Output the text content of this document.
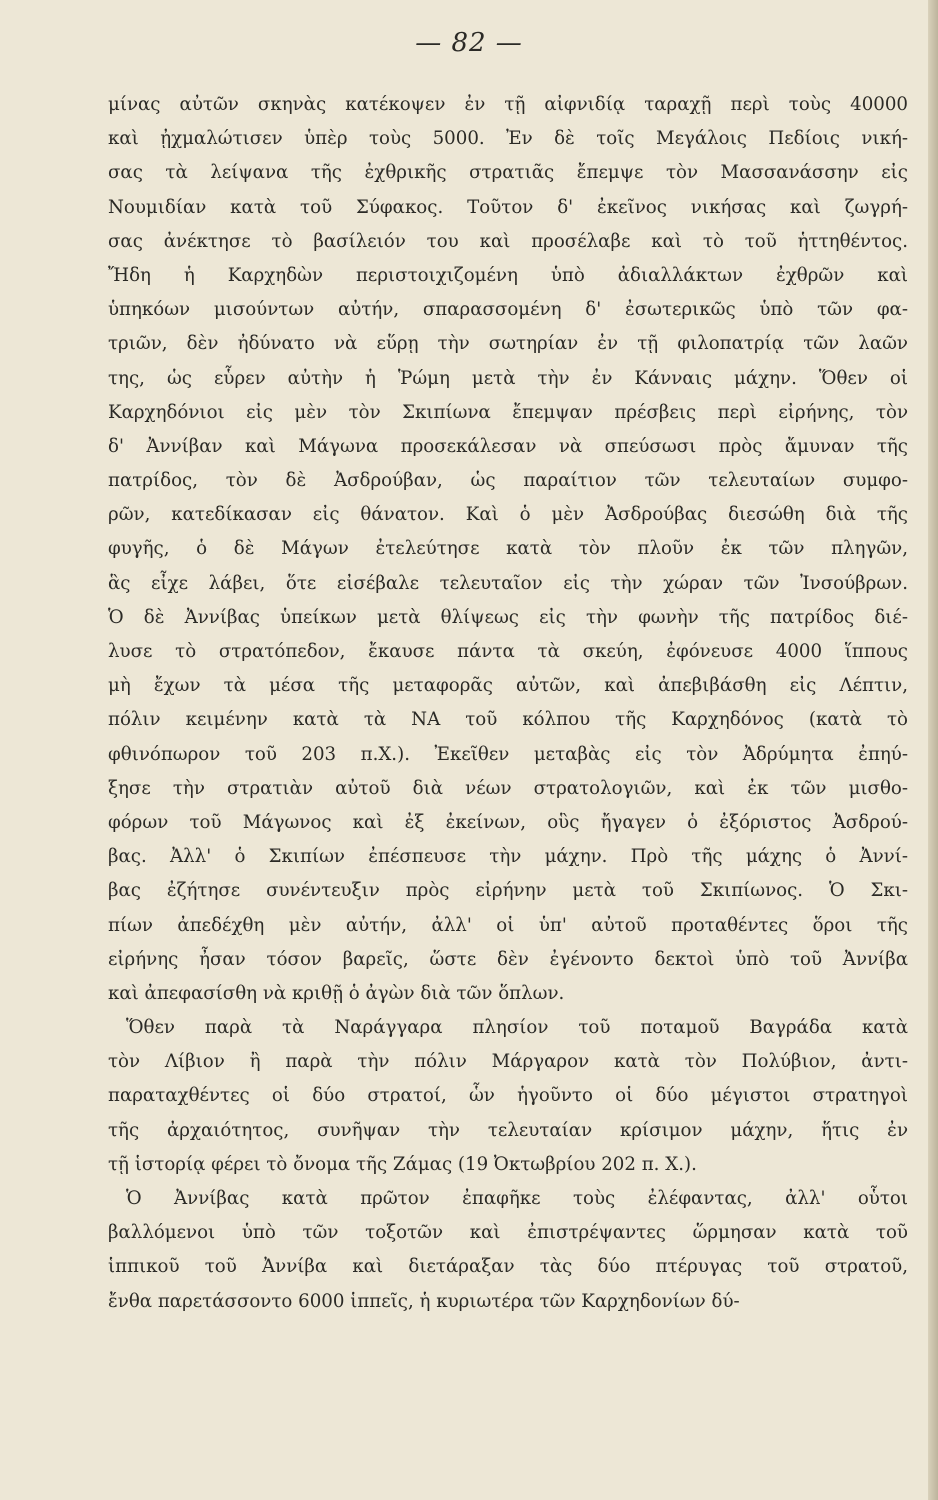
— 82 —
μίνας αὐτῶν σκηνὰς κατέκοψεν ἐν τῇ αἰφνιδίᾳ ταραχῇ περὶ τοὺς 40000
καὶ ᾐχμαλώτισεν ὑπὲρ τοὺς 5000. Ἐν δὲ τοῖς Μεγάλοις Πεδίοις νική-
σας τὰ λείψανα τῆς ἐχθρικῆς στρατιᾶς ἔπεμψε τὸν Μασσανάσσην εἰς
Νουμιδίαν κατὰ τοῦ Σύφακος. Τοῦτον δ' ἐκεῖνος νικήσας καὶ ζωγρή-
σας ἀνέκτησε τὸ βασίλειόν του καὶ προσέλαβε καὶ τὸ τοῦ ἡττηθέντος.
Ἤδη ἡ Καρχηδὼν περιστοιχιζομένη ὑπὸ ἀδιαλλάκτων ἐχθρῶν καὶ
ὑπηκόων μισούντων αὐτήν, σπαρασσομένη δ' ἐσωτερικῶς ὑπὸ τῶν φα-
τριῶν, δὲν ἠδύνατο νὰ εὕρῃ τὴν σωτηρίαν ἐν τῇ φιλοπατρίᾳ τῶν λαῶν
της, ὡς εὗρεν αὐτὴν ἡ Ῥώμη μετὰ τὴν ἐν Κάνναις μάχην. Ὅθεν οἱ
Καρχηδόνιοι εἰς μὲν τὸν Σκιπίωνα ἔπεμψαν πρέσβεις περὶ εἰρήνης, τὸν
δ' Ἀννίβαν καὶ Μάγωνα προσεκάλεσαν νὰ σπεύσωσι πρὸς ἄμυναν τῆς
πατρίδος, τὸν δὲ Ἀσδρούβαν, ὡς παραίτιον τῶν τελευταίων συμφο-
ρῶν, κατεδίκασαν εἰς θάνατον. Καὶ ὁ μὲν Ἀσδρούβας διεσώθη διὰ τῆς
φυγῆς, ὁ δὲ Μάγων ἐτελεύτησε κατὰ τὸν πλοῦν ἐκ τῶν πληγῶν,
ἃς εἶχε λάβει, ὅτε εἰσέβαλε τελευταῖον εἰς τὴν χώραν τῶν Ἰνσούβρων.
Ὁ δὲ Ἀννίβας ὑπείκων μετὰ θλίψεως εἰς τὴν φωνὴν τῆς πατρίδος διέ-
λυσε τὸ στρατόπεδον, ἔκαυσε πάντα τὰ σκεύη, ἐφόνευσε 4000 ἵππους
μὴ ἔχων τὰ μέσα τῆς μεταφορᾶς αὐτῶν, καὶ ἀπεβιβάσθη εἰς Λέπτιν,
πόλιν κειμένην κατὰ τὰ ΝΑ τοῦ κόλπου τῆς Καρχηδόνος (κατὰ τὸ
φθινόπωρον τοῦ 203 π.Χ.). Ἐκεῖθεν μεταβὰς εἰς τὸν Ἀδρύμητα ἐπηύ-
ξησε τὴν στρατιὰν αὐτοῦ διὰ νέων στρατολογιῶν, καὶ ἐκ τῶν μισθο-
φόρων τοῦ Μάγωνος καὶ ἐξ ἐκείνων, οὓς ἤγαγεν ὁ ἐξόριστος Ἀσδρού-
βας. Ἀλλ' ὁ Σκιπίων ἐπέσπευσε τὴν μάχην. Πρὸ τῆς μάχης ὁ Ἀννί-
βας ἐζήτησε συνέντευξιν πρὸς εἰρήνην μετὰ τοῦ Σκιπίωνος. Ὁ Σκι-
πίων ἀπεδέχθη μὲν αὐτήν, ἀλλ' οἱ ὑπ' αὐτοῦ προταθέντες ὅροι τῆς
εἰρήνης ἦσαν τόσον βαρεῖς, ὥστε δὲν ἐγένοντο δεκτοὶ ὑπὸ τοῦ Ἀννίβα
καὶ ἀπεφασίσθη νὰ κριθῇ ὁ ἀγὼν διὰ τῶν ὅπλων.
Ὅθεν παρὰ τὰ Ναράγγαρα πλησίον τοῦ ποταμοῦ Βαγράδα κατὰ
τὸν Λίβιον ἢ παρὰ τὴν πόλιν Μάργαρον κατὰ τὸν Πολύβιον, ἀντι-
παραταχθέντες οἱ δύο στρατοί, ὧν ἡγοῦντο οἱ δύο μέγιστοι στρατηγοὶ
τῆς ἀρχαιότητος, συνῆψαν τὴν τελευταίαν κρίσιμον μάχην, ἥτις ἐν
τῇ ἱστορίᾳ φέρει τὸ ὄνομα τῆς Ζάμας (19 Ὀκτωβρίου 202 π. Χ.).
Ὁ Ἀννίβας κατὰ πρῶτον ἐπαφῆκε τοὺς ἐλέφαντας, ἀλλ' οὗτοι
βαλλόμενοι ὑπὸ τῶν τοξοτῶν καὶ ἐπιστρέψαντες ὥρμησαν κατὰ τοῦ
ἱππικοῦ τοῦ Ἀννίβα καὶ διετάραξαν τὰς δύο πτέρυγας τοῦ στρατοῦ,
ἔνθα παρετάσσοντο 6000 ἱππεῖς, ἡ κυριωτέρα τῶν Καρχηδονίων δύ-
